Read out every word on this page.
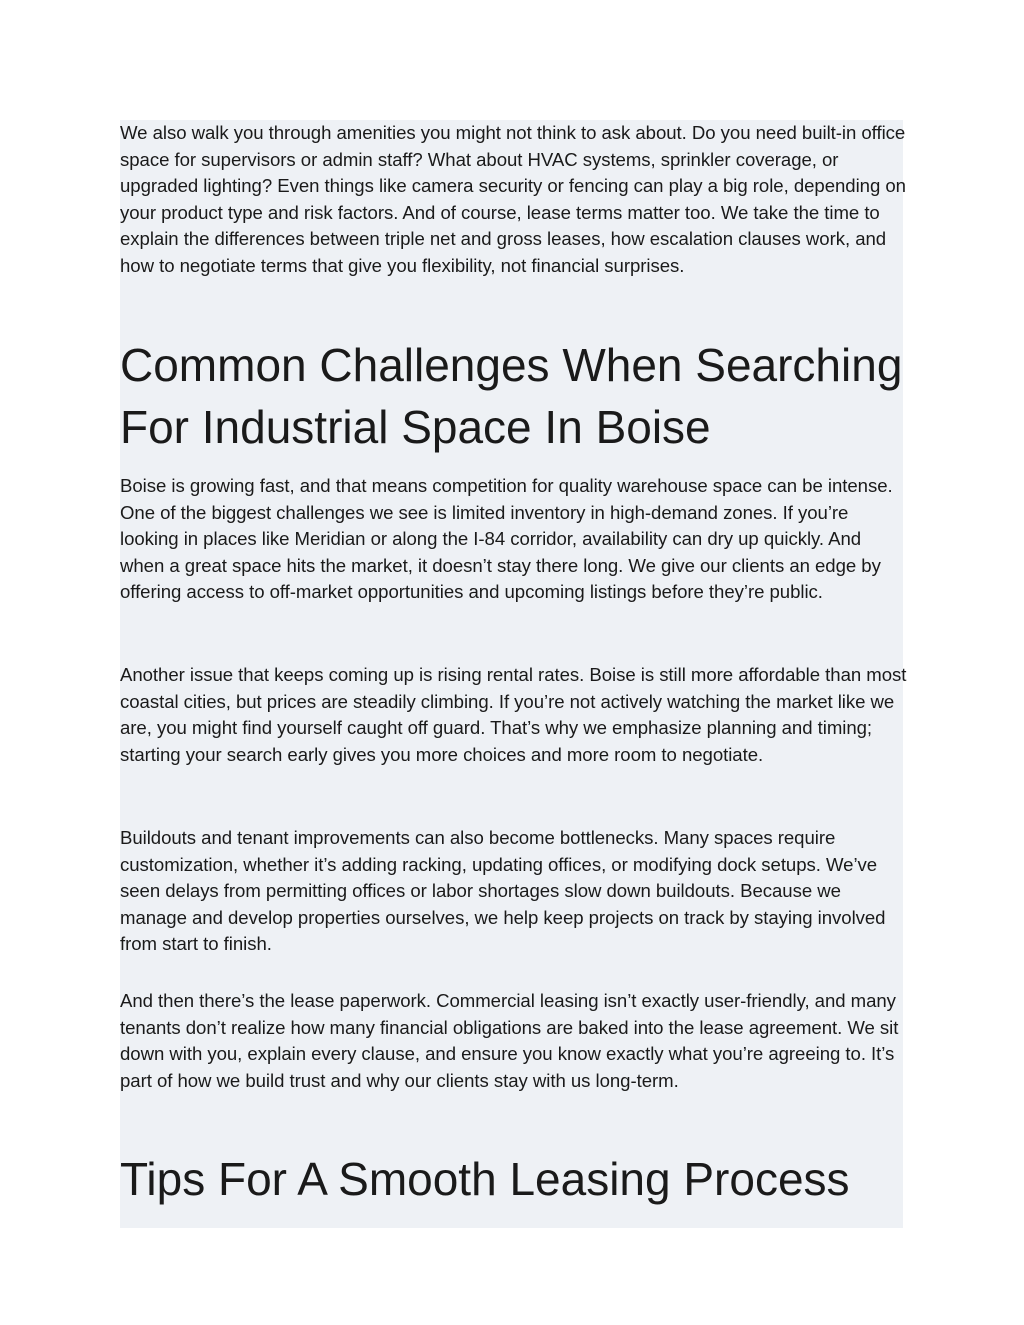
We also walk you through amenities you might not think to ask about. Do you need built-in office space for supervisors or admin staff? What about HVAC systems, sprinkler coverage, or upgraded lighting? Even things like camera security or fencing can play a big role, depending on your product type and risk factors. And of course, lease terms matter too. We take the time to explain the differences between triple net and gross leases, how escalation clauses work, and how to negotiate terms that give you flexibility, not financial surprises.

Common Challenges When Searching For Industrial Space In Boise

Boise is growing fast, and that means competition for quality warehouse space can be intense. One of the biggest challenges we see is limited inventory in high-demand zones. If you’re looking in places like Meridian or along the I-84 corridor, availability can dry up quickly. And when a great space hits the market, it doesn’t stay there long. We give our clients an edge by offering access to off-market opportunities and upcoming listings before they’re public.

Another issue that keeps coming up is rising rental rates. Boise is still more affordable than most coastal cities, but prices are steadily climbing. If you’re not actively watching the market like we are, you might find yourself caught off guard. That’s why we emphasize planning and timing; starting your search early gives you more choices and more room to negotiate.

Buildouts and tenant improvements can also become bottlenecks. Many spaces require customization, whether it’s adding racking, updating offices, or modifying dock setups. We’ve seen delays from permitting offices or labor shortages slow down buildouts. Because we manage and develop properties ourselves, we help keep projects on track by staying involved from start to finish.

And then there’s the lease paperwork. Commercial leasing isn’t exactly user-friendly, and many tenants don’t realize how many financial obligations are baked into the lease agreement. We sit down with you, explain every clause, and ensure you know exactly what you’re agreeing to. It’s part of how we build trust and why our clients stay with us long-term.

Tips For A Smooth Leasing Process
